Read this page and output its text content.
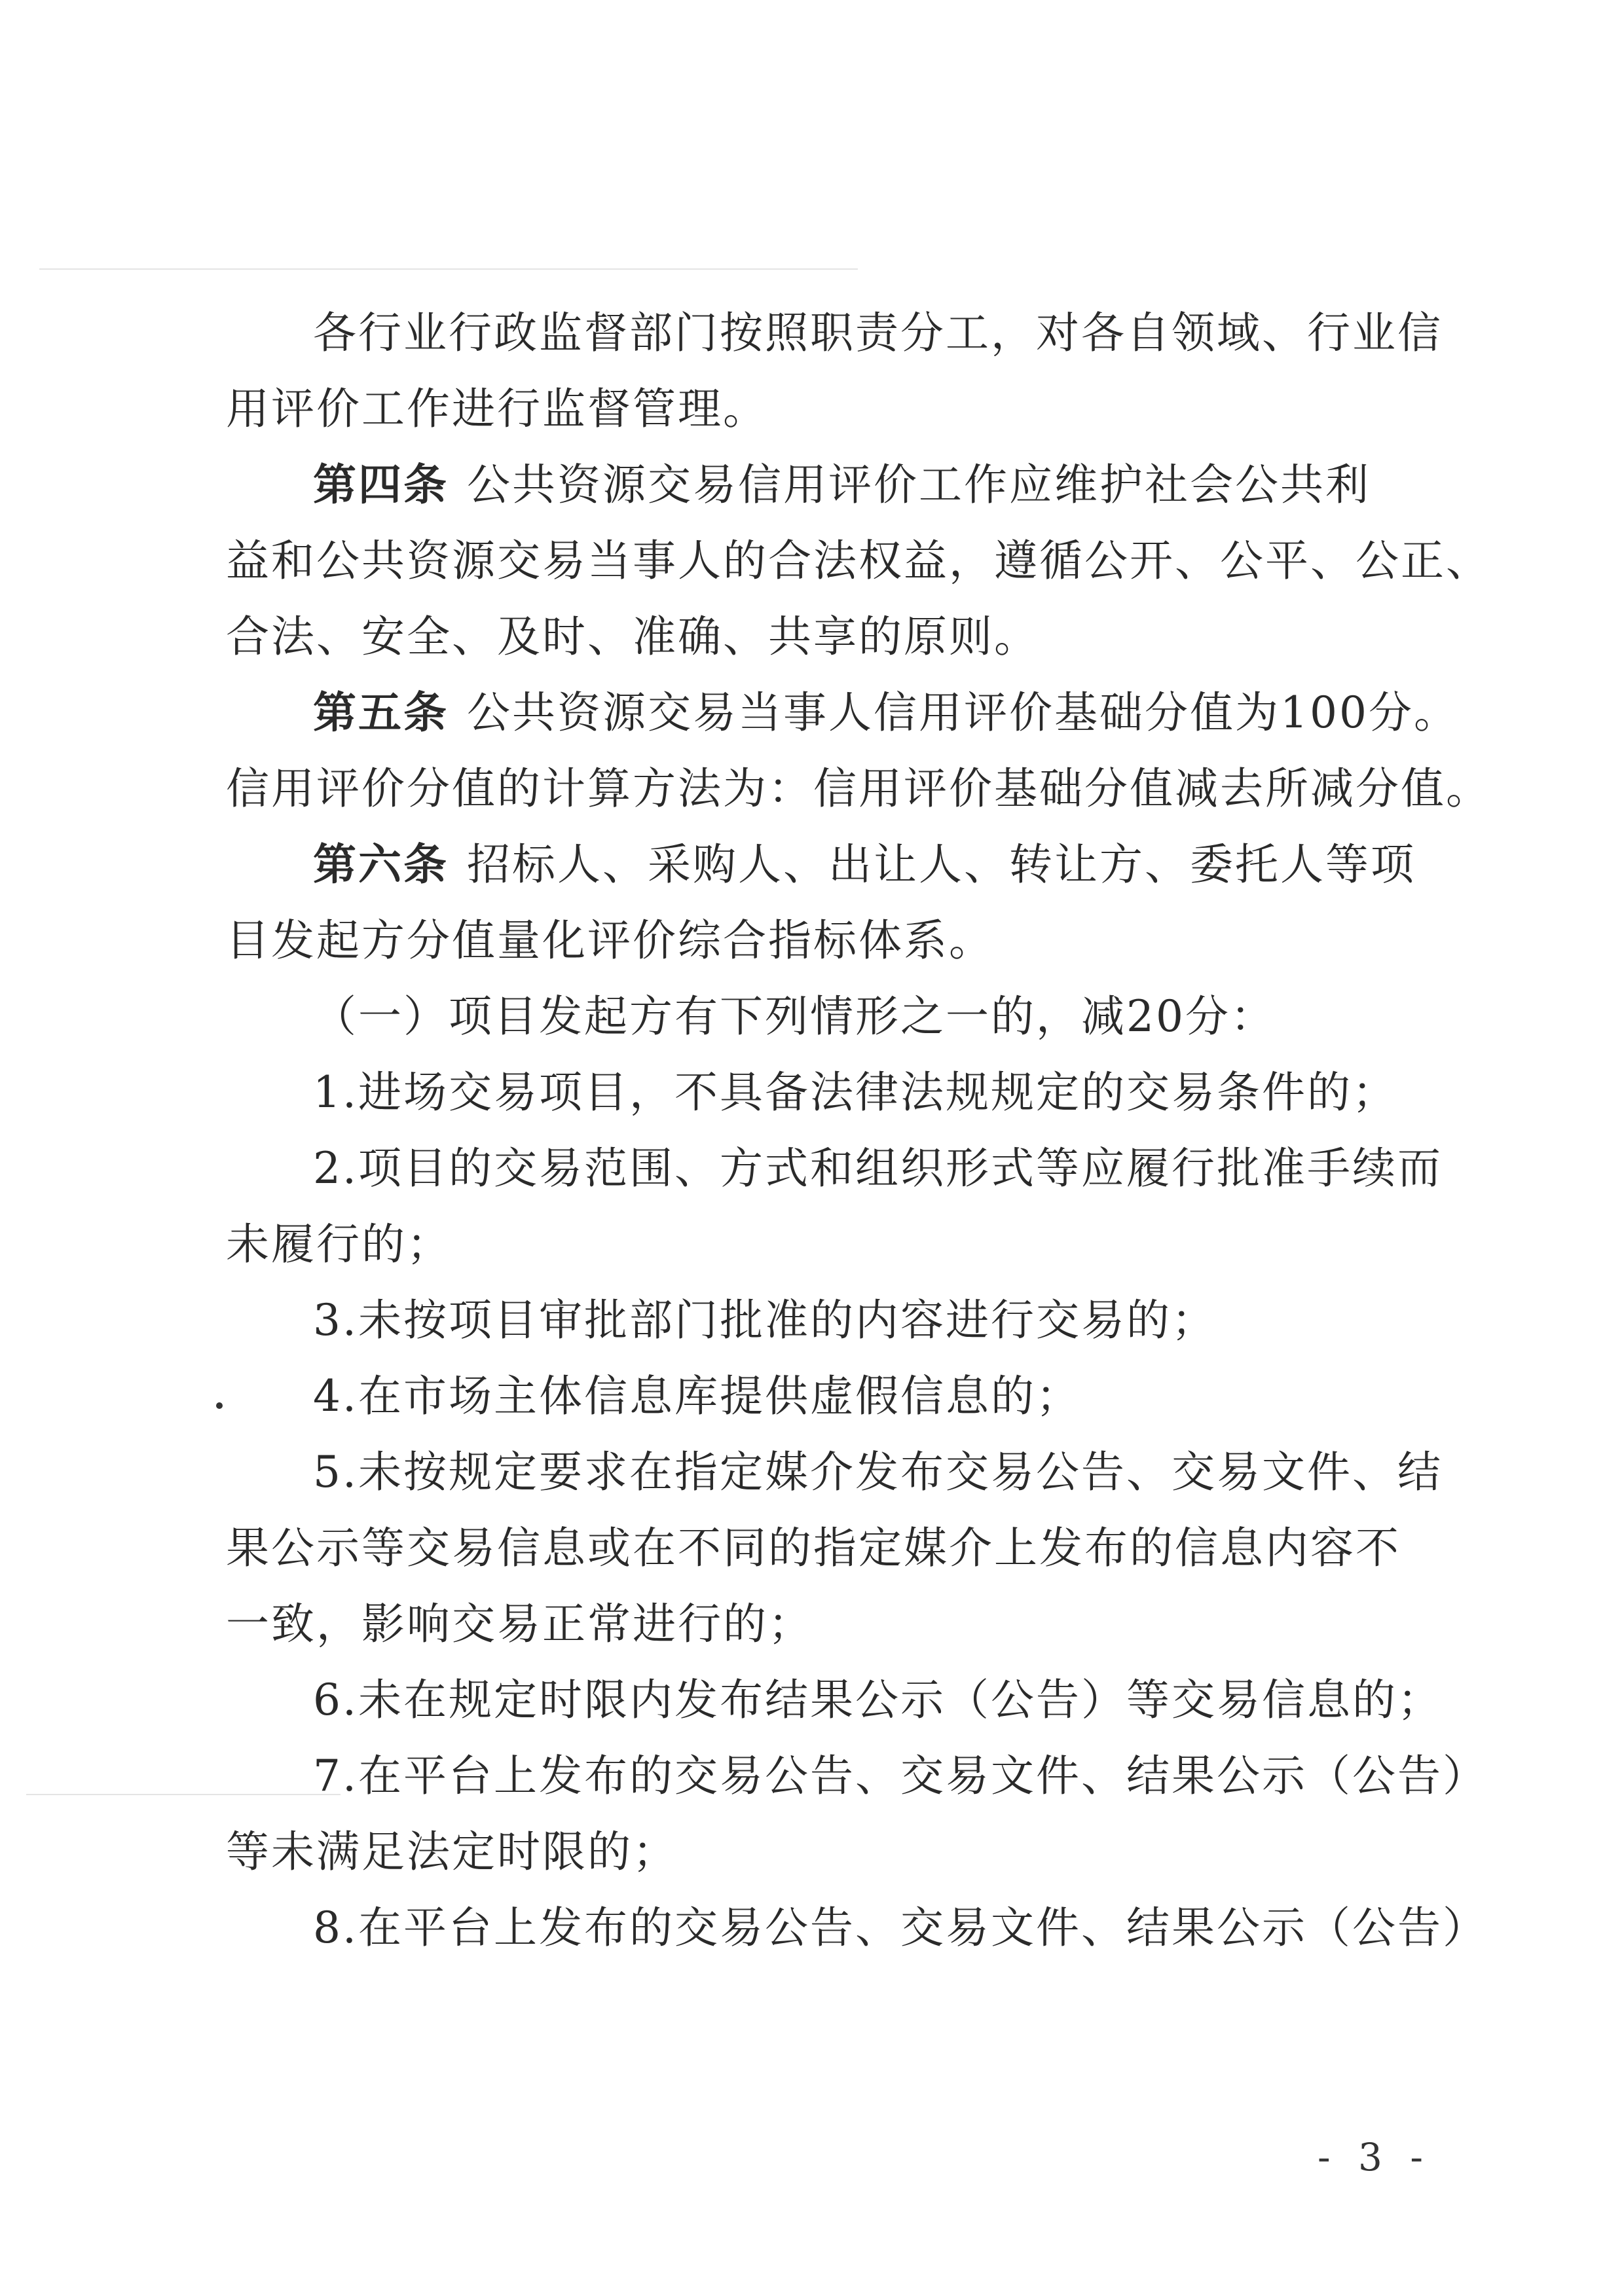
各行业行政监督部门按照职责分工，对各自领域、行业信
用评价工作进行监督管理。
第四条 公共资源交易信用评价工作应维护社会公共利
益和公共资源交易当事人的合法权益，遵循公开、公平、公正、
合法、安全、及时、准确、共享的原则。
第五条 公共资源交易当事人信用评价基础分值为100分。
信用评价分值的计算方法为：信用评价基础分值减去所减分值。
第六条 招标人、采购人、出让人、转让方、委托人等项
目发起方分值量化评价综合指标体系。
（一）项目发起方有下列情形之一的，减20分：
1.进场交易项目，不具备法律法规规定的交易条件的；
2.项目的交易范围、方式和组织形式等应履行批准手续而
未履行的；
3.未按项目审批部门批准的内容进行交易的；
4.在市场主体信息库提供虚假信息的；
5.未按规定要求在指定媒介发布交易公告、交易文件、结
果公示等交易信息或在不同的指定媒介上发布的信息内容不
一致，影响交易正常进行的；
6.未在规定时限内发布结果公示（公告）等交易信息的；
7.在平台上发布的交易公告、交易文件、结果公示（公告）
等未满足法定时限的；
8.在平台上发布的交易公告、交易文件、结果公示（公告）
- 3 -
